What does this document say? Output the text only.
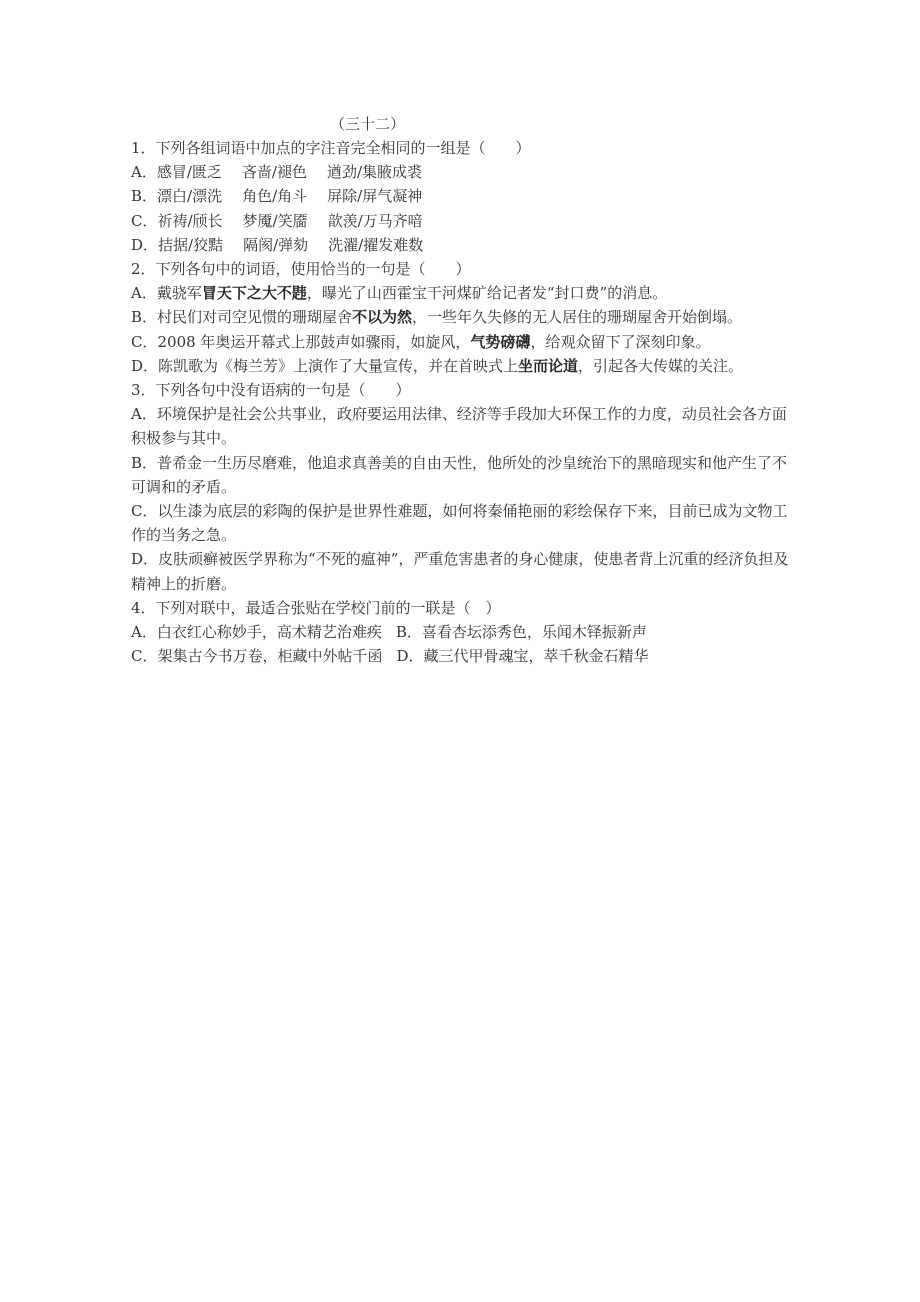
（三十二）
1．下列各组词语中加点的字注音完全相同的一组是（　　）
A．感冒/匮乏 吝啬/褪色 遒劲/集腋成裘
B．漂白/漂洗 角色/角斗 屏除/屏气凝神
C．祈祷/颀长 梦魇/笑靥 歆羡/万马齐喑
D．拮据/狡黠 隔阂/弹劾 洗濯/擢发难数
2．下列各句中的词语，使用恰当的一句是（　　）
A．戴骁军冒天下之大不韪，曝光了山西霍宝干河煤矿给记者发“封口费”的消息。
B．村民们对司空见惯的珊瑚屋舍不以为然，一些年久失修的无人居住的珊瑚屋舍开始倒塌。
C．2008 年奥运开幕式上那鼓声如骤雨，如旋风，气势磅礴，给观众留下了深刻印象。
D．陈凯歌为《梅兰芳》上演作了大量宣传，并在首映式上坐而论道，引起各大传媒的关注。
3．下列各句中没有语病的一句是（　　）
A．环境保护是社会公共事业，政府要运用法律、经济等手段加大环保工作的力度，动员社会各方面积极参与其中。
B．普希金一生历尽磨难，他追求真善美的自由天性，他所处的沙皇统治下的黑暗现实和他产生了不可调和的矛盾。
C．以生漆为底层的彩陶的保护是世界性难题，如何将秦俑艳丽的彩绘保存下来，目前已成为文物工作的当务之急。
D．皮肤顽癣被医学界称为“不死的瘟神”，严重危害患者的身心健康，使患者背上沉重的经济负担及精神上的折磨。
4．下列对联中，最适合张贴在学校门前的一联是（　）
A．白衣红心称妙手，高术精艺治难疾 B．喜看杏坛添秀色，乐闻木铎振新声
C．架集古今书万卷，柜藏中外帖千函 D．藏三代甲骨魂宝，萃千秋金石精华
